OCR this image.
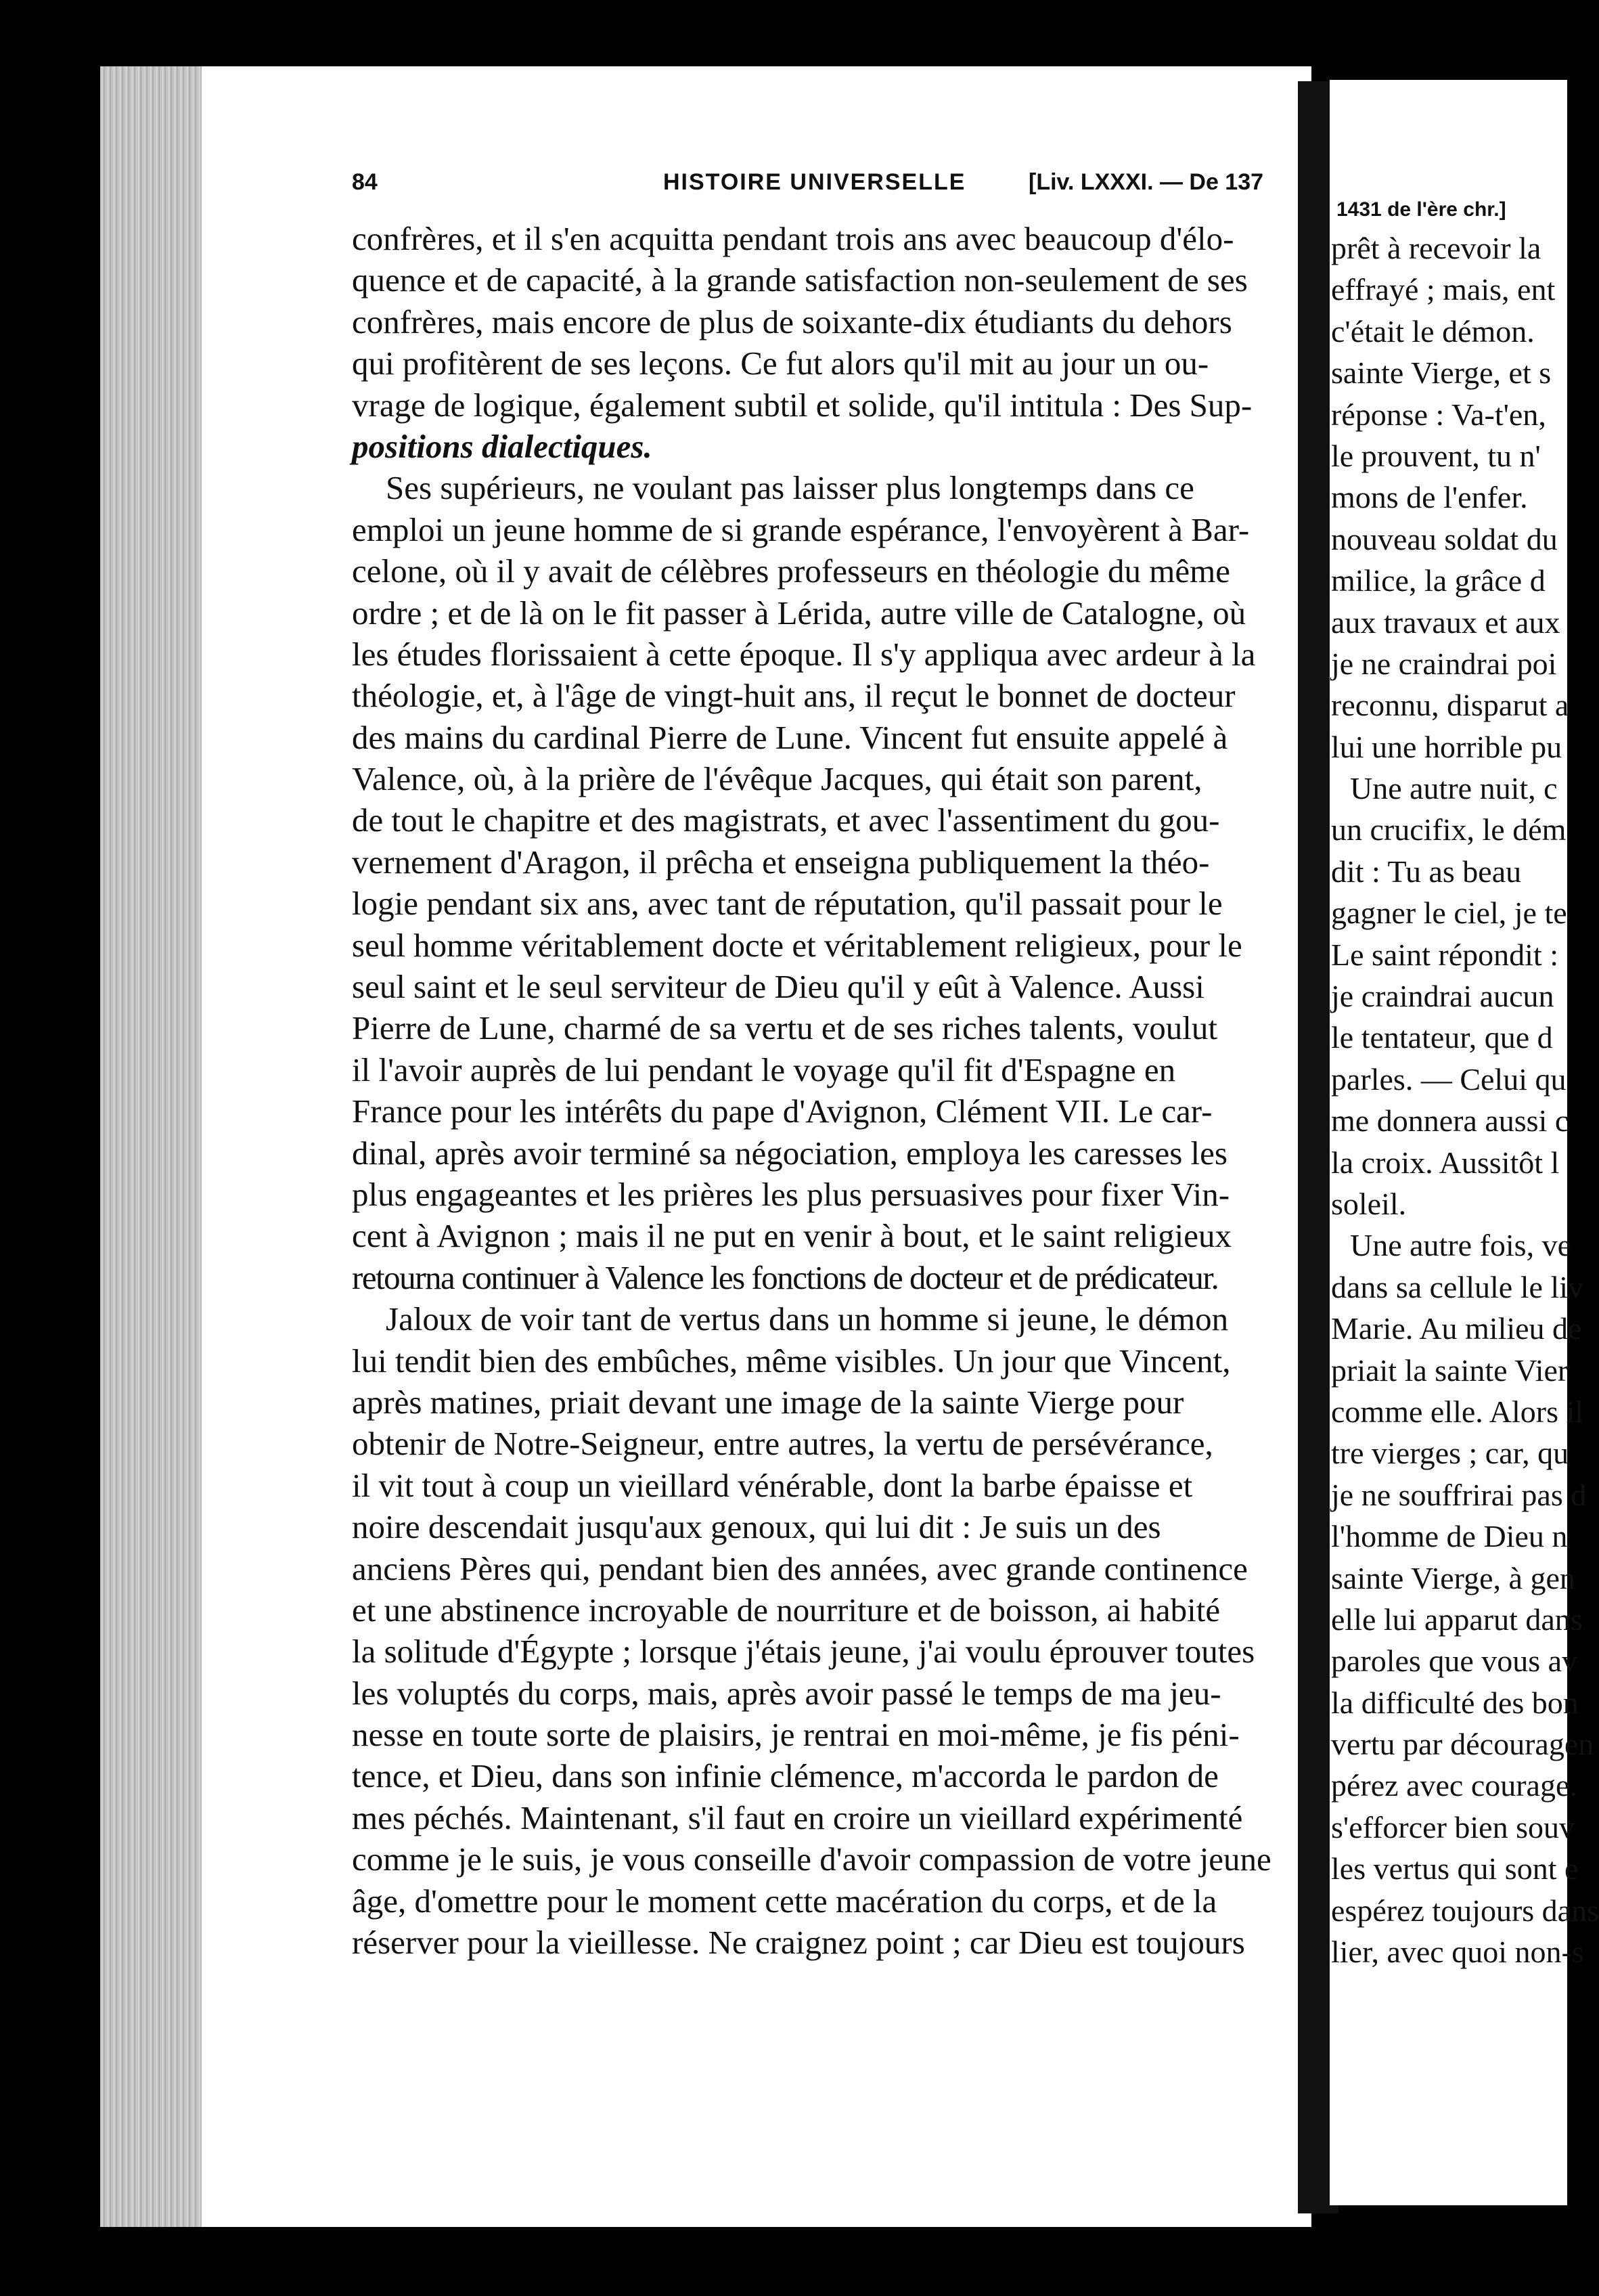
84	HISTOIRE UNIVERSELLE	[Liv. LXXXI. — De 137
confrères, et il s'en acquitta pendant trois ans avec beaucoup d'élo-
quence et de capacité, à la grande satisfaction non-seulement de ses
confrères, mais encore de plus de soixante-dix étudiants du dehors
qui profitèrent de ses leçons. Ce fut alors qu'il mit au jour un ou-
vrage de logique, également subtil et solide, qu'il intitula : Des Sup-
positions dialectiques.
Ses supérieurs, ne voulant pas laisser plus longtemps dans ce
emploi un jeune homme de si grande espérance, l'envoyèrent à Bar-
celone, où il y avait de célèbres professeurs en théologie du même
ordre ; et de là on le fit passer à Lérida, autre ville de Catalogne, où
les études florissaient à cette époque. Il s'y appliqua avec ardeur à la
théologie, et, à l'âge de vingt-huit ans, il reçut le bonnet de docteur
des mains du cardinal Pierre de Lune. Vincent fut ensuite appelé à
Valence, où, à la prière de l'évêque Jacques, qui était son parent,
de tout le chapitre et des magistrats, et avec l'assentiment du gou-
vernement d'Aragon, il prêcha et enseigna publiquement la théo-
logie pendant six ans, avec tant de réputation, qu'il passait pour le
seul homme véritablement docte et véritablement religieux, pour le
seul saint et le seul serviteur de Dieu qu'il y eût à Valence. Aussi
Pierre de Lune, charmé de sa vertu et de ses riches talents, voulut
il l'avoir auprès de lui pendant le voyage qu'il fit d'Espagne en
France pour les intérêts du pape d'Avignon, Clément VII. Le car-
dinal, après avoir terminé sa négociation, employa les caresses les
plus engageantes et les prières les plus persuasives pour fixer Vin-
cent à Avignon ; mais il ne put en venir à bout, et le saint religieux
retourna continuer à Valence les fonctions de docteur et de prédicateur.
Jaloux de voir tant de vertus dans un homme si jeune, le démon
lui tendit bien des embûches, même visibles. Un jour que Vincent,
après matines, priait devant une image de la sainte Vierge pour
obtenir de Notre-Seigneur, entre autres, la vertu de persévérance,
il vit tout à coup un vieillard vénérable, dont la barbe épaisse et
noire descendait jusqu'aux genoux, qui lui dit : Je suis un des
anciens Pères qui, pendant bien des années, avec grande continence
et une abstinence incroyable de nourriture et de boisson, ai habité
la solitude d'Égypte ; lorsque j'étais jeune, j'ai voulu éprouver toutes
les voluptés du corps, mais, après avoir passé le temps de ma jeu-
nesse en toute sorte de plaisirs, je rentrai en moi-même, je fis péni-
tence, et Dieu, dans son infinie clémence, m'accorda le pardon de
mes péchés. Maintenant, s'il faut en croire un vieillard expérimenté
comme je le suis, je vous conseille d'avoir compassion de votre jeune
âge, d'omettre pour le moment cette macération du corps, et de la
réserver pour la vieillesse. Ne craignez point ; car Dieu est toujours
1431 de l'ère chr.]
prêt à recevoir la
effrayé ; mais, ent
c'était le démon.
sainte Vierge, et s
réponse : Va-t'en,
le prouvent, tu n'
mons de l'enfer.
nouveau soldat du
milice, la grâce d
aux travaux et aux
je ne craindrai poi
reconnu, disparut a
lui une horrible pu
Une autre nuit, c
un crucifix, le dém
dit : Tu as beau
gagner le ciel, je te
Le saint répondit :
je craindrai aucun
le tentateur, que d
parles. — Celui qu
me donnera aussi c
la croix. Aussitôt l
soleil.
Une autre fois, ve
dans sa cellule le liv
Marie. Au milieu de
priait la sainte Vier
comme elle. Alors il
tre vierges ; car, qu
je ne souffrirai pas d
l'homme de Dieu n
sainte Vierge, à gen
elle lui apparut dans
paroles que vous av
la difficulté des bon
vertu par découragen
pérez avec courage.
s'efforcer bien souv
les vertus qui sont e
espérez toujours dans
lier, avec quoi non-s
